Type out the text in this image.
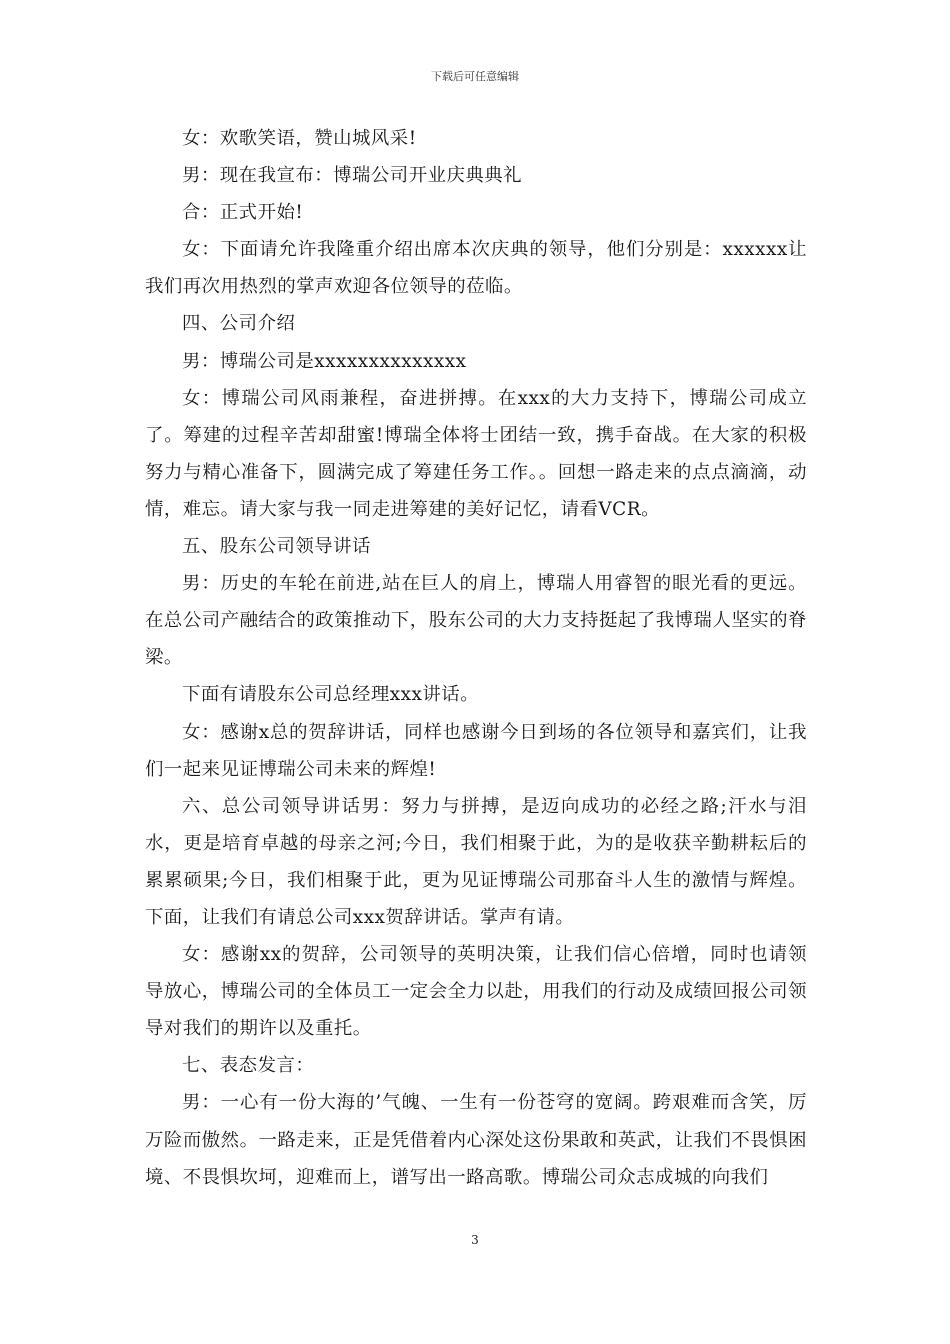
下载后可任意编辑

女：欢歌笑语，赞山城风采!

男：现在我宣布：博瑞公司开业庆典典礼

合：正式开始!

女：下面请允许我隆重介绍出席本次庆典的领导，他们分别是：xxxxxx让我们再次用热烈的掌声欢迎各位领导的莅临。

四、公司介绍

男：博瑞公司是xxxxxxxxxxxxxx

女：博瑞公司风雨兼程，奋进拼搏。在xxx的大力支持下，博瑞公司成立了。筹建的过程辛苦却甜蜜!博瑞全体将士团结一致，携手奋战。在大家的积极努力与精心准备下，圆满完成了筹建任务工作。。回想一路走来的点点滴滴，动情，难忘。请大家与我一同走进筹建的美好记忆，请看VCR。

五、股东公司领导讲话

男：历史的车轮在前进,站在巨人的肩上，博瑞人用睿智的眼光看的更远。在总公司产融结合的政策推动下，股东公司的大力支持挺起了我博瑞人坚实的脊梁。

下面有请股东公司总经理xxx讲话。

女：感谢x总的贺辞讲话，同样也感谢今日到场的各位领导和嘉宾们，让我们一起来见证博瑞公司未来的辉煌!

六、总公司领导讲话男：努力与拼搏，是迈向成功的必经之路;汗水与泪水，更是培育卓越的母亲之河;今日，我们相聚于此，为的是收获辛勤耕耘后的累累硕果;今日，我们相聚于此，更为见证博瑞公司那奋斗人生的激情与辉煌。下面，让我们有请总公司xxx贺辞讲话。掌声有请。

女：感谢xx的贺辞，公司领导的英明决策，让我们信心倍增，同时也请领导放心，博瑞公司的全体员工一定会全力以赴，用我们的行动及成绩回报公司领导对我们的期许以及重托。

七、表态发言：

男：一心有一份大海的’气魄、一生有一份苍穹的宽阔。跨艰难而含笑，厉万险而傲然。一路走来，正是凭借着内心深处这份果敢和英武，让我们不畏惧困境、不畏惧坎坷，迎难而上，谱写出一路高歌。博瑞公司众志成城的向我们

3
